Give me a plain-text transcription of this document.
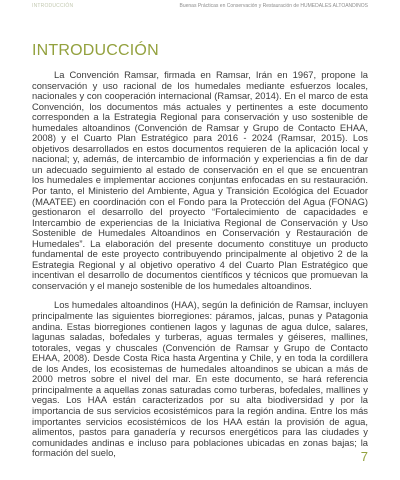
INTRODUCCIÓN	Buenas Prácticas en Conservación y Restauración de HUMEDALES ALTOANDINOS
INTRODUCCIÓN

La Convención Ramsar, firmada en Ramsar, Irán en 1967, propone la conservación y uso racional de los humedales mediante esfuerzos locales, nacionales y con cooperación internacional (Ramsar, 2014). En el marco de esta Convención, los documentos más actuales y pertinentes a este documento corresponden a la Estrategia Regional para conservación y uso sostenible de humedales altoandinos (Convención de Ramsar y Grupo de Contacto EHAA, 2008) y el Cuarto Plan Estratégico para 2016 - 2024 (Ramsar, 2015). Los objetivos desarrollados en estos documentos requieren de la aplicación local y nacional; y, además, de intercambio de información y experiencias a fin de dar un adecuado seguimiento al estado de conservación en el que se encuentran los humedales e implementar acciones conjuntas enfocadas en su restauración. Por tanto, el Ministerio del Ambiente, Agua y Transición Ecológica del Ecuador (MAATEE) en coordinación con el Fondo para la Protección del Agua (FONAG) gestionaron el desarrollo del proyecto “Fortalecimiento de capacidades e Intercambio de experiencias de la Iniciativa Regional de Conservación y Uso Sostenible de Humedales Altoandinos en Conservación y Restauración de Humedales”. La elaboración del presente documento constituye un producto fundamental de este proyecto contribuyendo principalmente al objetivo 2 de la Estrategia Regional y al objetivo operativo 4 del Cuarto Plan Estratégico que incentivan el desarrollo de documentos científicos y técnicos que promuevan la conservación y el manejo sostenible de los humedales altoandinos.

Los humedales altoandinos (HAA), según la definición de Ramsar, incluyen principalmente las siguientes biorregiones: páramos, jalcas, punas y Patagonia andina. Estas biorregiones contienen lagos y lagunas de agua dulce, salares, lagunas saladas, bofedales y turberas, aguas termales y géiseres, mallines, totorales, vegas y chuscales (Convención de Ramsar y Grupo de Contacto EHAA, 2008). Desde Costa Rica hasta Argentina y Chile, y en toda la cordillera de los Andes, los ecosistemas de humedales altoandinos se ubican a más de 2000 metros sobre el nivel del mar. En este documento, se hará referencia principalmente a aquellas zonas saturadas como turberas, bofedales, mallines y vegas. Los HAA están caracterizados por su alta biodiversidad y por la importancia de sus servicios ecosistémicos para la región andina. Entre los más importantes servicios ecosistémicos de los HAA están la provisión de agua, alimentos, pastos para ganadería y recursos energéticos para las ciudades y comunidades andinas e incluso para poblaciones ubicadas en zonas bajas; la formación del suelo,	7
